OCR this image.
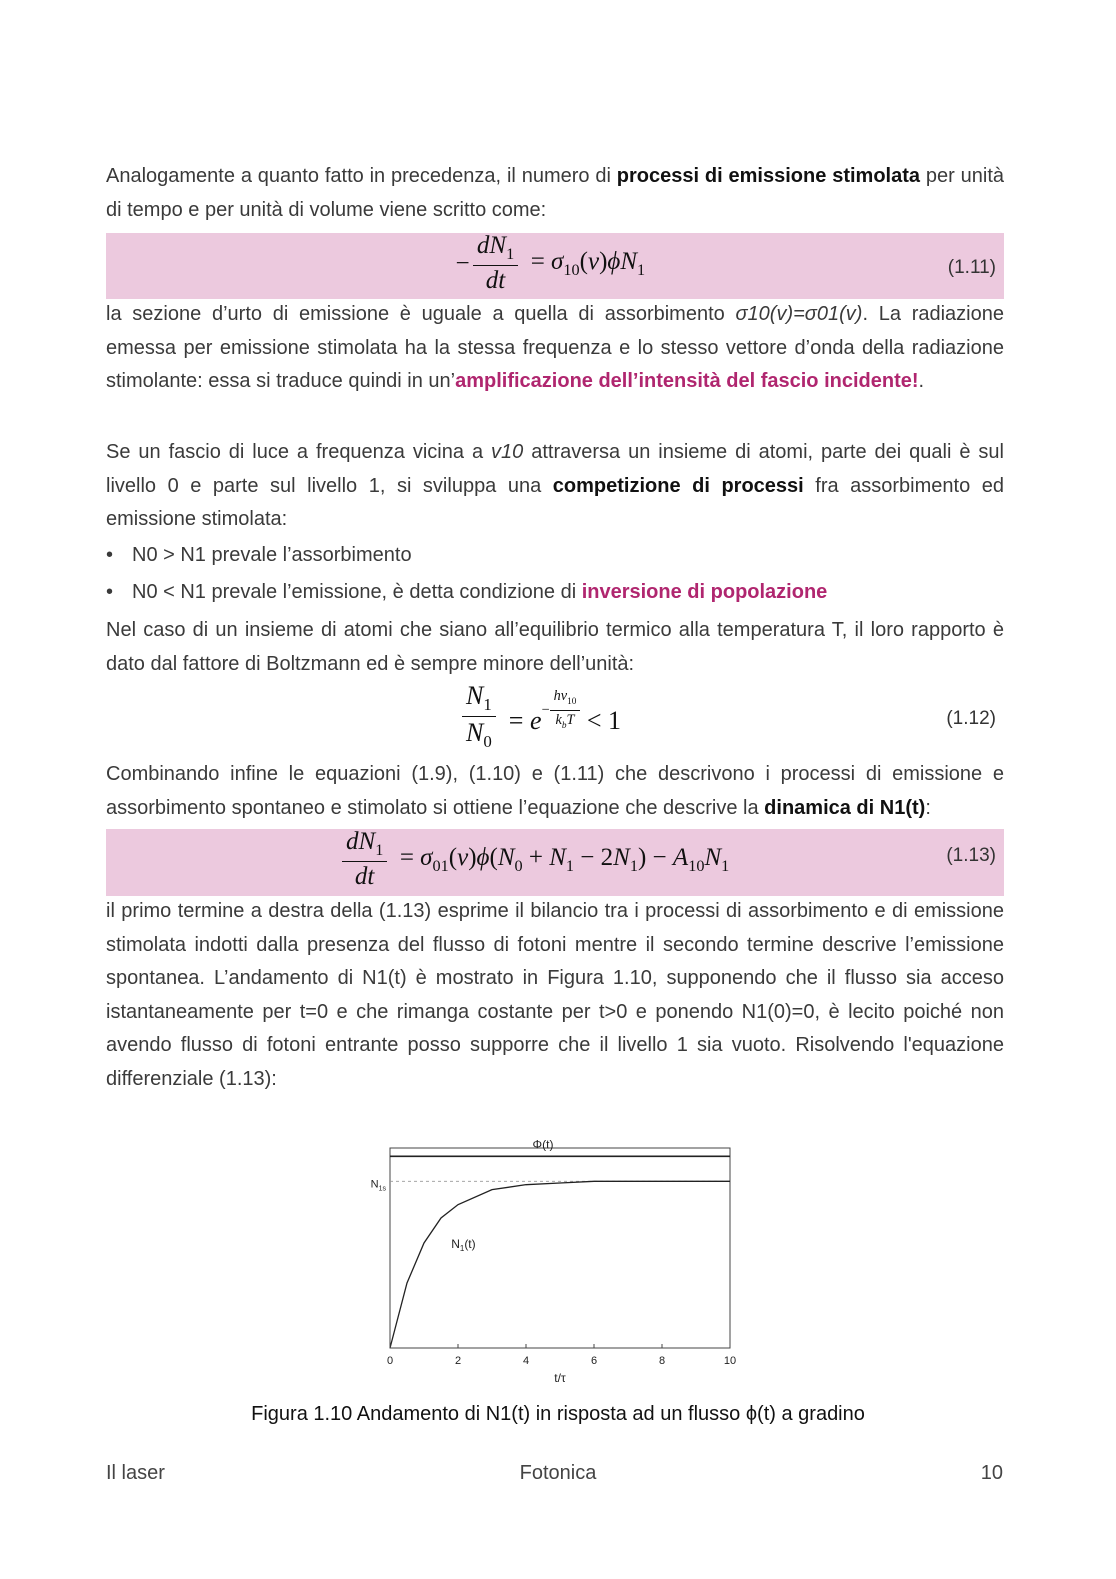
Analogamente a quanto fatto in precedenza, il numero di processi di emissione stimolata per unità di tempo e per unità di volume viene scritto come:
− $\frac{dN_1}{dt} = \sigma_{10}(v)\phi N_1$	(1.11)
la sezione d’urto di emissione è uguale a quella di assorbimento σ10(v)=σ01(v). La radiazione emessa per emissione stimolata ha la stessa frequenza e lo stesso vettore d’onda della radiazione stimolante: essa si traduce quindi in un’amplificazione dell’intensità del fascio incidente!.
Se un fascio di luce a frequenza vicina a v10 attraversa un insieme di atomi, parte dei quali è sul livello 0 e parte sul livello 1, si sviluppa una competizione di processi fra assorbimento ed emissione stimolata:
• N0 > N1 prevale l’assorbimento
• N0 < N1 prevale l’emissione, è detta condizione di inversione di popolazione
Nel caso di un insieme di atomi che siano all’equilibrio termico alla temperatura T, il loro rapporto è dato dal fattore di Boltzmann ed è sempre minore dell’unità:
$\frac{N_1}{N_0} = e^{- \frac{hv_{10}}{k_bT}} < 1$	(1.12)
Combinando infine le equazioni (1.9), (1.10) e (1.11) che descrivono i processi di emissione e assorbimento spontaneo e stimolato si ottiene l’equazione che descrive la dinamica di N1(t):
$\frac{dN_1}{dt} = \sigma_{01}(v)\phi(N_0 + N_1 - 2N_1) - A_{10}N_1$
(1.13)
il primo termine a destra della (1.13) esprime il bilancio tra i processi di assorbimento e di emissione stimolata indotti dalla presenza del flusso di fotoni mentre il secondo termine descrive l’emissione spontanea. L’andamento di N1(t) è mostrato in Figura 1.10, supponendo che il flusso sia acceso istantaneamente per t=0 e che rimanga costante per t>0 e ponendo N1(0)=0, è lecito poiché non avendo flusso di fotoni entrante posso supporre che il livello 1 sia vuoto. Risolvendo l'equazione differenziale (1.13):
$N_{1s}$
Φ(t)
$N_1(t)$
0	2	4	6	8	10
t/τ
Figura 1.10 Andamento di N1(t) in risposta ad un flusso ϕ(t) a gradino
Il laser	Fotonica	10
